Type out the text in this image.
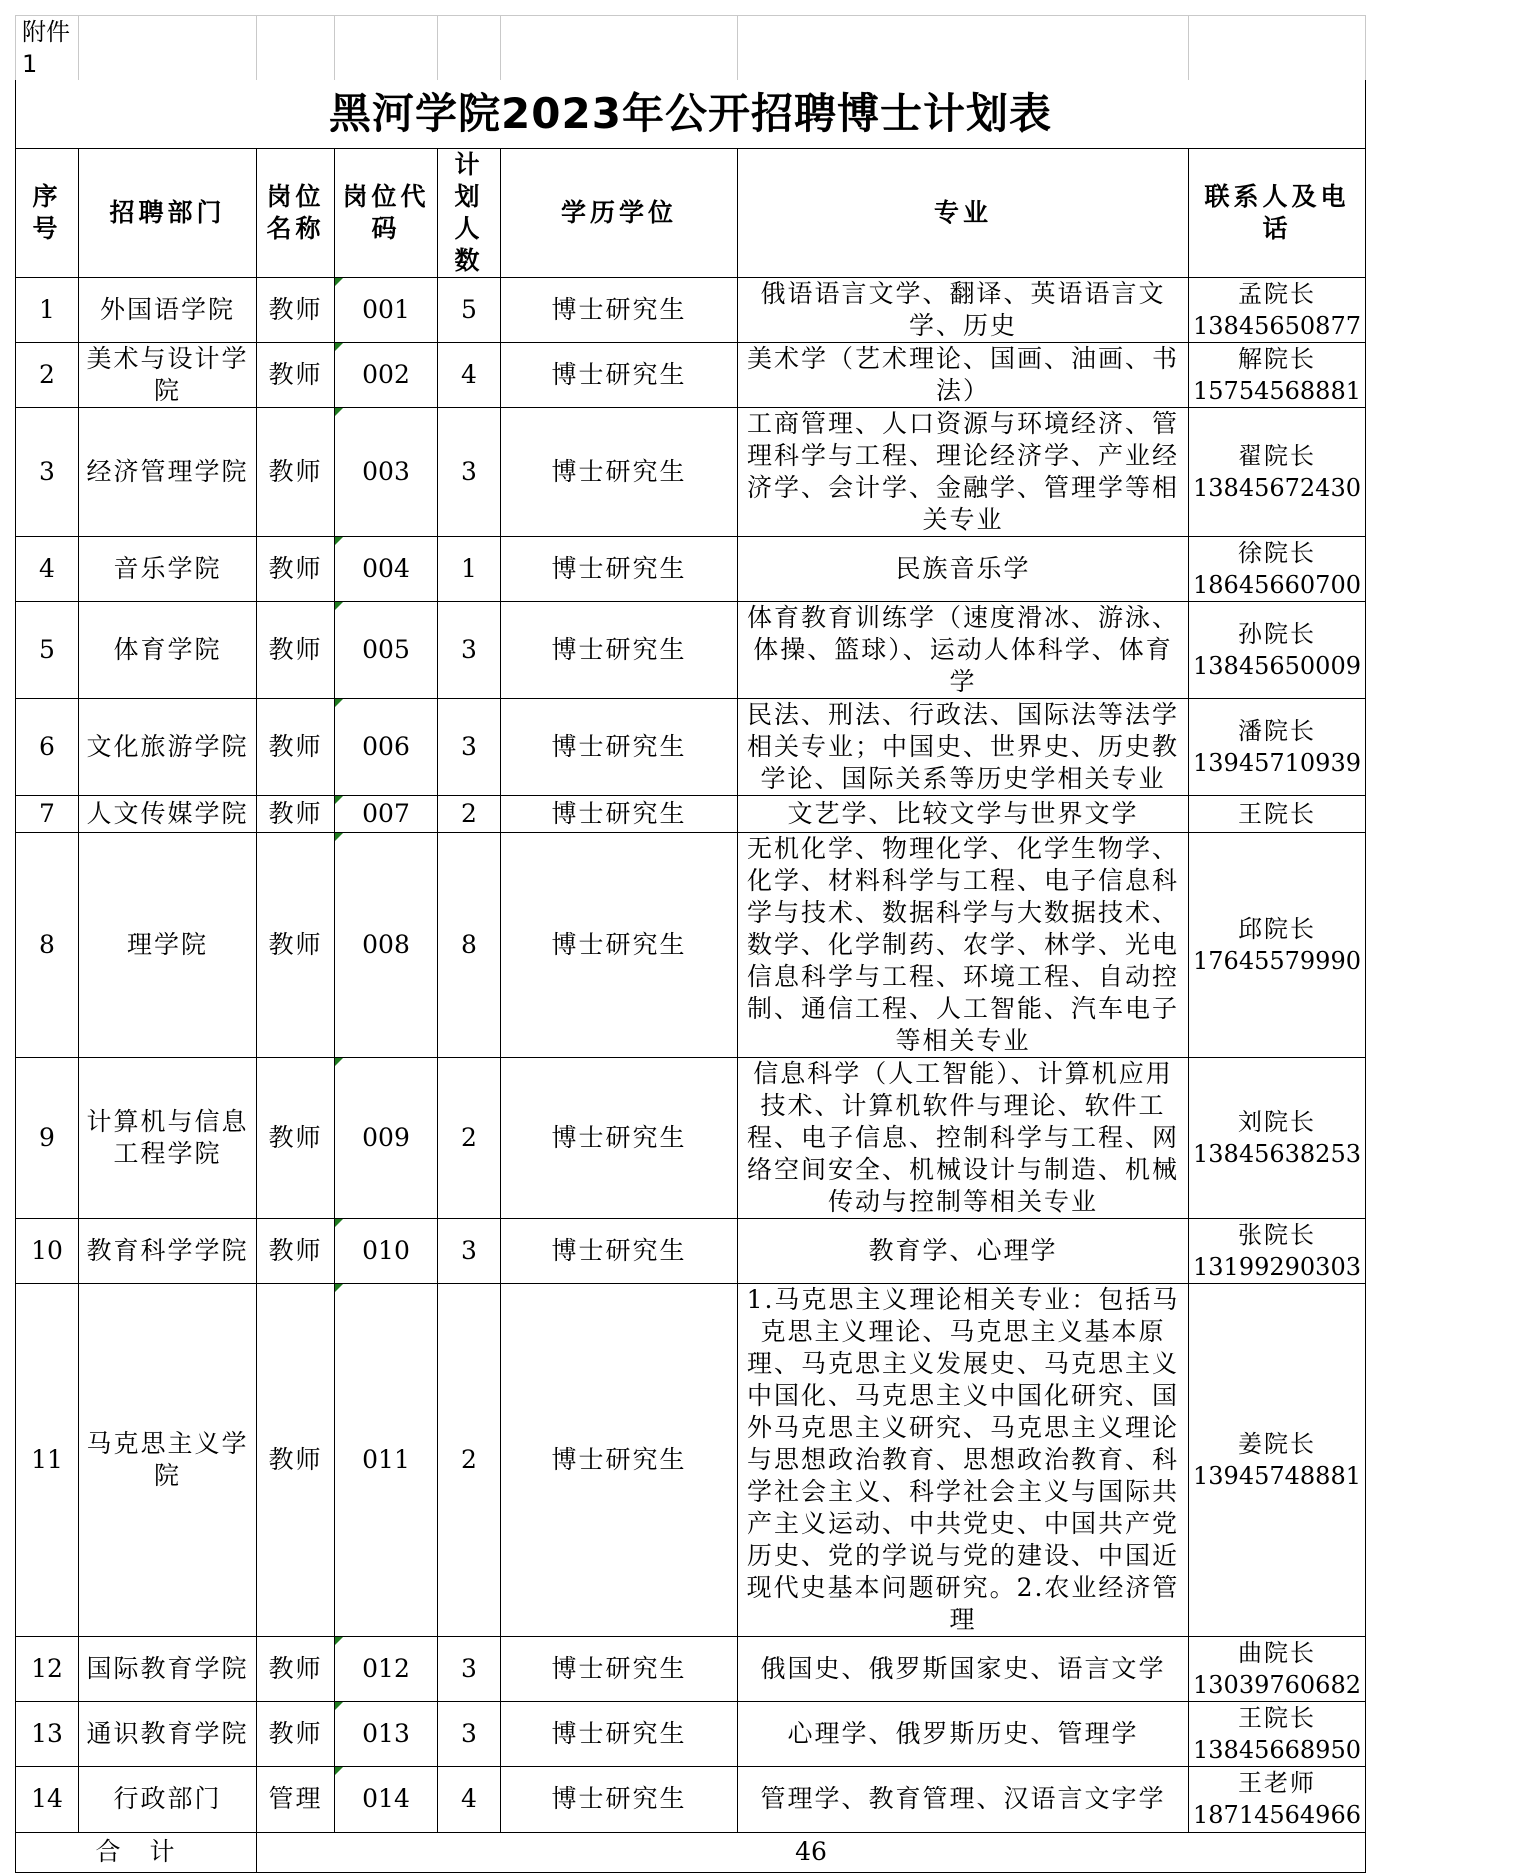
附件1							
黑河学院2023年公开招聘博士计划表							
序号	招聘部门	岗位名称	岗位代码	计划人数	学历学位	专业	联系人及电话
1	外国语学院	教师	001	5	博士研究生	俄语语言文学、翻译、英语语言文学、历史	孟院长
13845650877

2	美术与设计学院	教师	002	4	博士研究生	美术学（艺术理论、国画、油画、书法）	解院长
15754568881

3	经济管理学院	教师	003	3	博士研究生	工商管理、人口资源与环境经济、管理科学与工程、理论经济学、产业经济学、会计学、金融学、管理学等相关专业	翟院长
13845672430

4	音乐学院	教师	004	1	博士研究生	民族音乐学	徐院长
18645660700

5	体育学院	教师	005	3	博士研究生	体育教育训练学（速度滑冰、游泳、体操、篮球）、运动人体科学、体育学	孙院长
13845650009

6	文化旅游学院	教师	006	3	博士研究生	民法、刑法、行政法、国际法等法学相关专业；中国史、世界史、历史教学论、国际关系等历史学相关专业	潘院长
13945710939

7	人文传媒学院	教师	007	2	博士研究生	文艺学、比较文学与世界文学	王院长

8	理学院	教师	008	8	博士研究生	无机化学、物理化学、化学生物学、化学、材料科学与工程、电子信息科学与技术、数据科学与大数据技术、数学、化学制药、农学、林学、光电信息科学与工程、环境工程、自动控制、通信工程、人工智能、汽车电子等相关专业	邱院长
17645579990

9	计算机与信息工程学院	教师	009	2	博士研究生	信息科学（人工智能）、计算机应用技术、计算机软件与理论、软件工程、电子信息、控制科学与工程、网络空间安全、机械设计与制造、机械传动与控制等相关专业	刘院长
13845638253

10	教育科学学院	教师	010	3	博士研究生	教育学、心理学	张院长
13199290303

11	马克思主义学院	教师	011	2	博士研究生	1.马克思主义理论相关专业：包括马克思主义理论、马克思主义基本原理、马克思主义发展史、马克思主义中国化、马克思主义中国化研究、国外马克思主义研究、马克思主义理论与思想政治教育、思想政治教育、科学社会主义、科学社会主义与国际共产主义运动、中共党史、中国共产党历史、党的学说与党的建设、中国近现代史基本问题研究。2.农业经济管理	姜院长
13945748881

12	国际教育学院	教师	012	3	博士研究生	俄国史、俄罗斯国家史、语言文学	曲院长
13039760682

13	通识教育学院	教师	013	3	博士研究生	心理学、俄罗斯历史、管理学	王院长
13845668950

14	行政部门	管理	014	4	博士研究生	管理学、教育管理、汉语言文字学	王老师
18714564966

合　计		46					
